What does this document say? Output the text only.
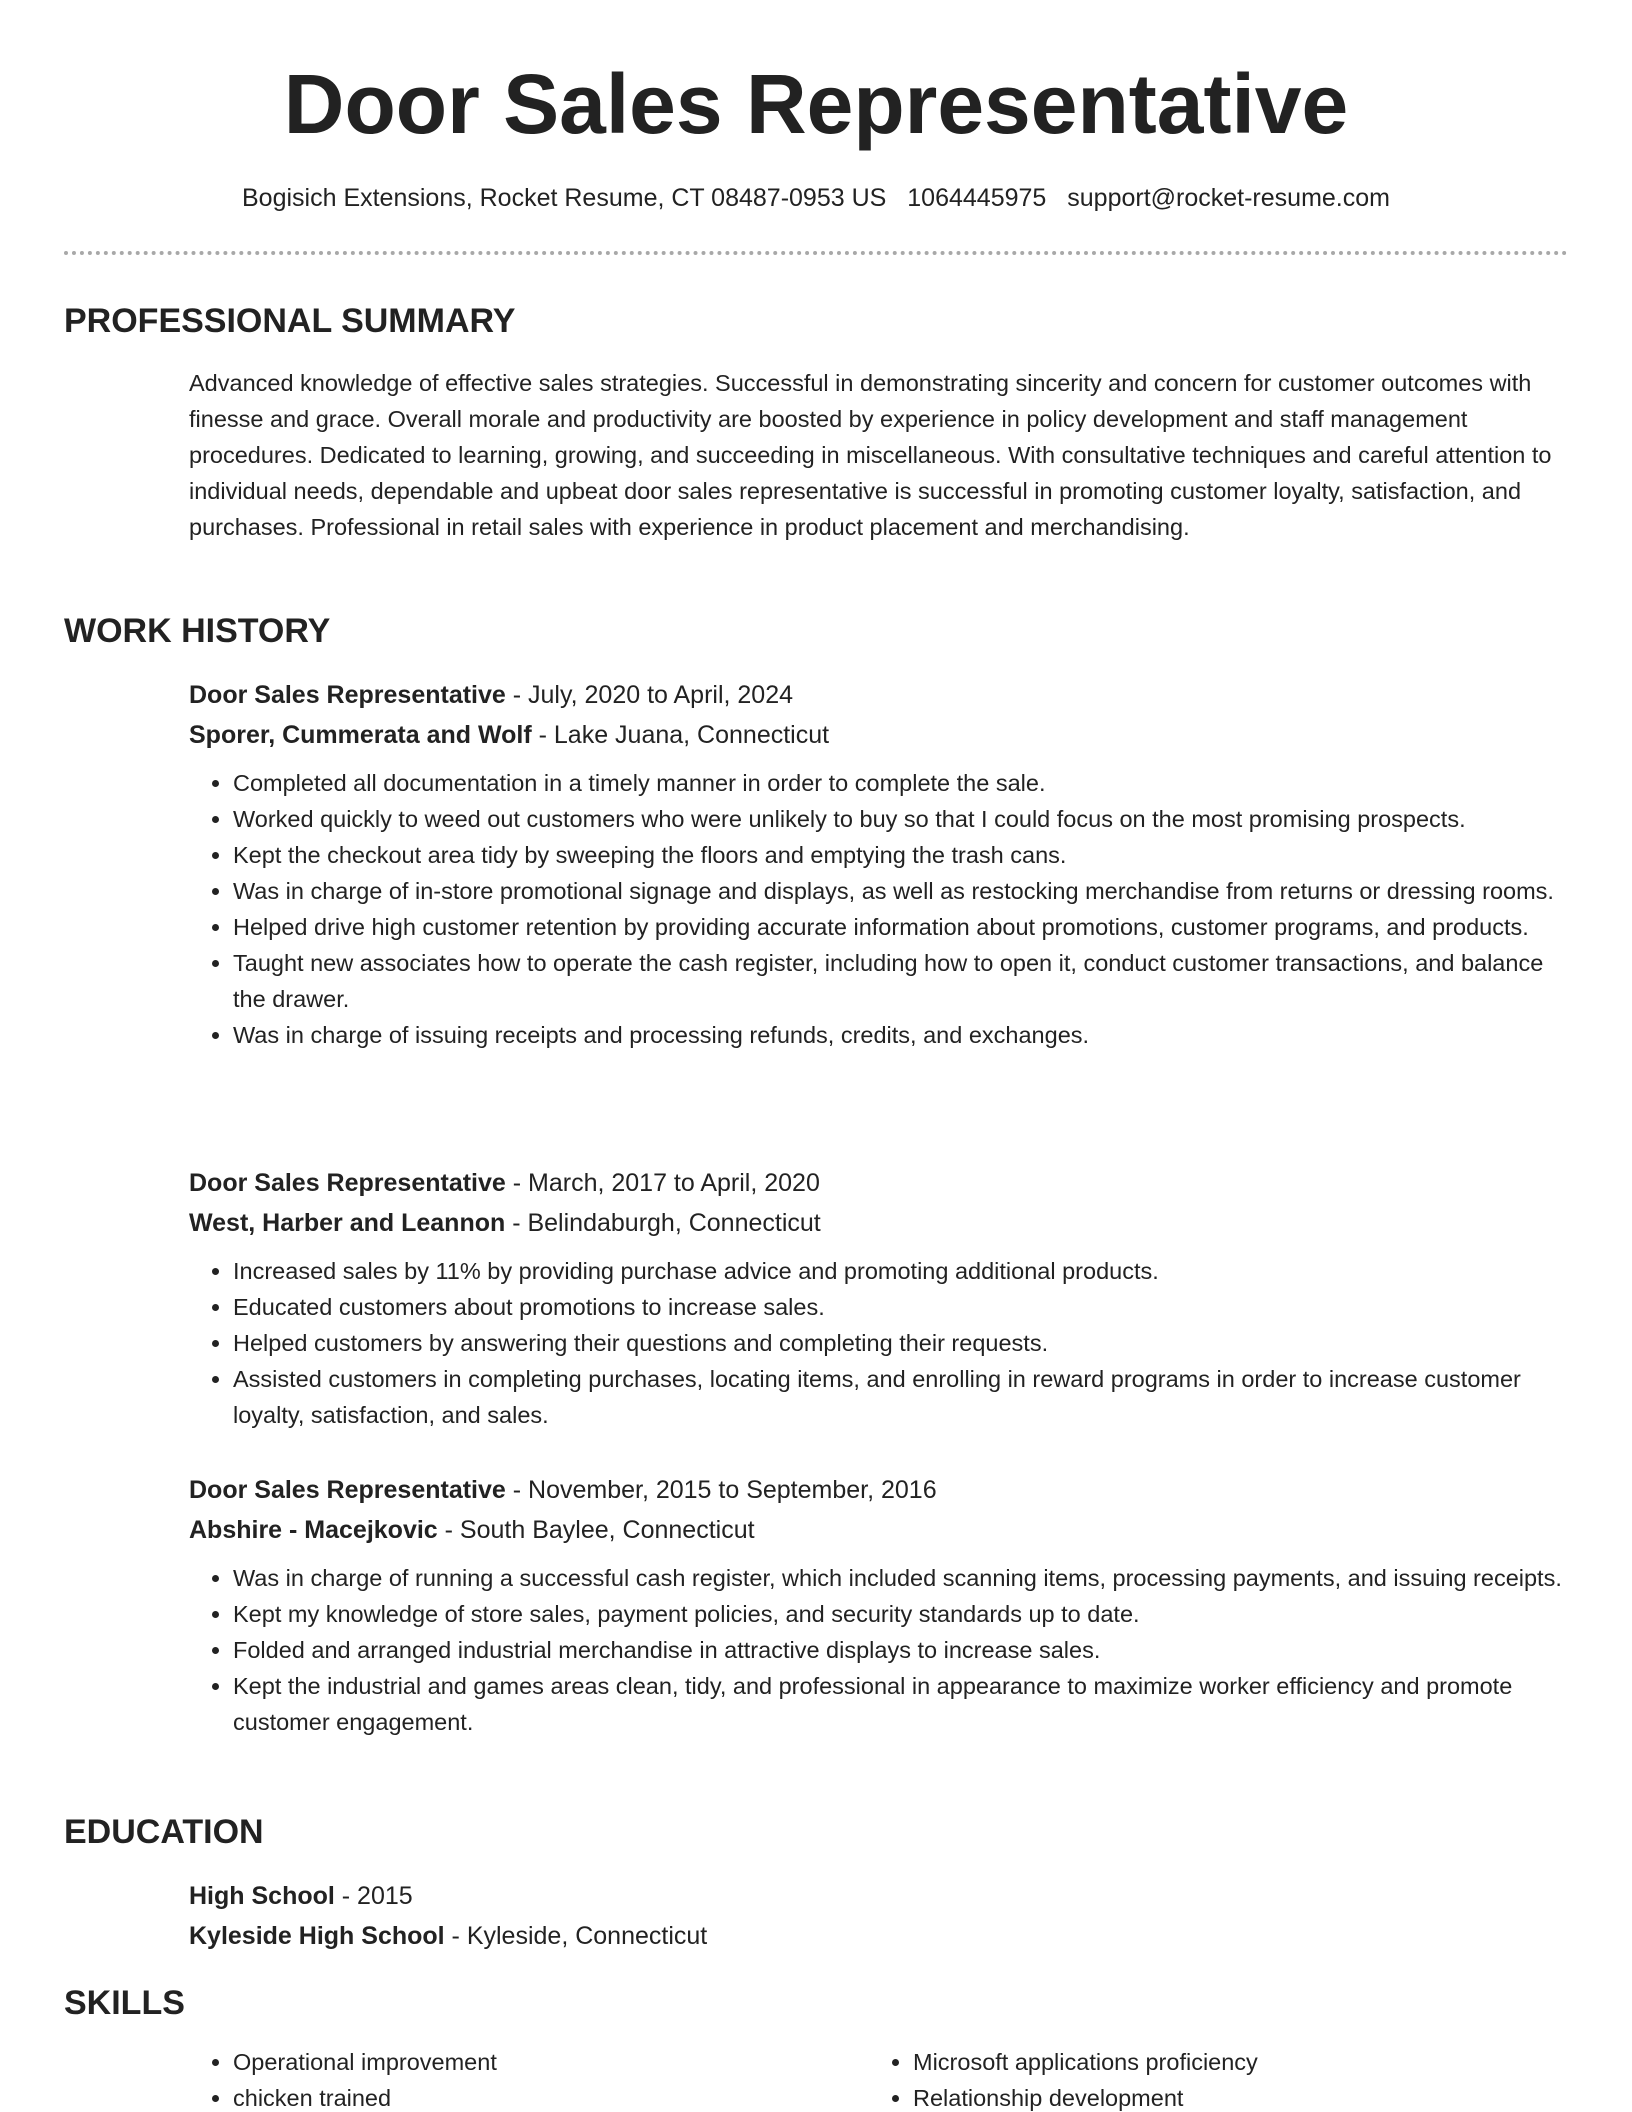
Door Sales Representative
Bogisich Extensions, Rocket Resume, CT 08487-0953 US 1064445975 support@rocket-resume.com
PROFESSIONAL SUMMARY

Advanced knowledge of effective sales strategies. Successful in demonstrating sincerity and concern for customer outcomes with finesse and grace. Overall morale and productivity are boosted by experience in policy development and staff management procedures. Dedicated to learning, growing, and succeeding in miscellaneous. With consultative techniques and careful attention to individual needs, dependable and upbeat door sales representative is successful in promoting customer loyalty, satisfaction, and purchases. Professional in retail sales with experience in product placement and merchandising.

WORK HISTORY
Door Sales Representative - July, 2020 to April, 2024
Sporer, Cummerata and Wolf - Lake Juana, Connecticut
• Completed all documentation in a timely manner in order to complete the sale.
• Worked quickly to weed out customers who were unlikely to buy so that I could focus on the most promising prospects.
• Kept the checkout area tidy by sweeping the floors and emptying the trash cans.
• Was in charge of in-store promotional signage and displays, as well as restocking merchandise from returns or dressing rooms.
• Helped drive high customer retention by providing accurate information about promotions, customer programs, and products.
• Taught new associates how to operate the cash register, including how to open it, conduct customer transactions, and balance the drawer.
• Was in charge of issuing receipts and processing refunds, credits, and exchanges.
Door Sales Representative - March, 2017 to April, 2020
West, Harber and Leannon - Belindaburgh, Connecticut
• Increased sales by 11% by providing purchase advice and promoting additional products.
• Educated customers about promotions to increase sales.
• Helped customers by answering their questions and completing their requests.
• Assisted customers in completing purchases, locating items, and enrolling in reward programs in order to increase customer loyalty, satisfaction, and sales.
Door Sales Representative - November, 2015 to September, 2016
Abshire - Macejkovic - South Baylee, Connecticut
• Was in charge of running a successful cash register, which included scanning items, processing payments, and issuing receipts.
• Kept my knowledge of store sales, payment policies, and security standards up to date.
• Folded and arranged industrial merchandise in attractive displays to increase sales.
• Kept the industrial and games areas clean, tidy, and professional in appearance to maximize worker efficiency and promote customer engagement.
EDUCATION
High School - 2015
Kyleside High School - Kyleside, Connecticut
SKILLS
• Operational improvement
• chicken trained
• Microsoft applications proficiency
• Relationship development
